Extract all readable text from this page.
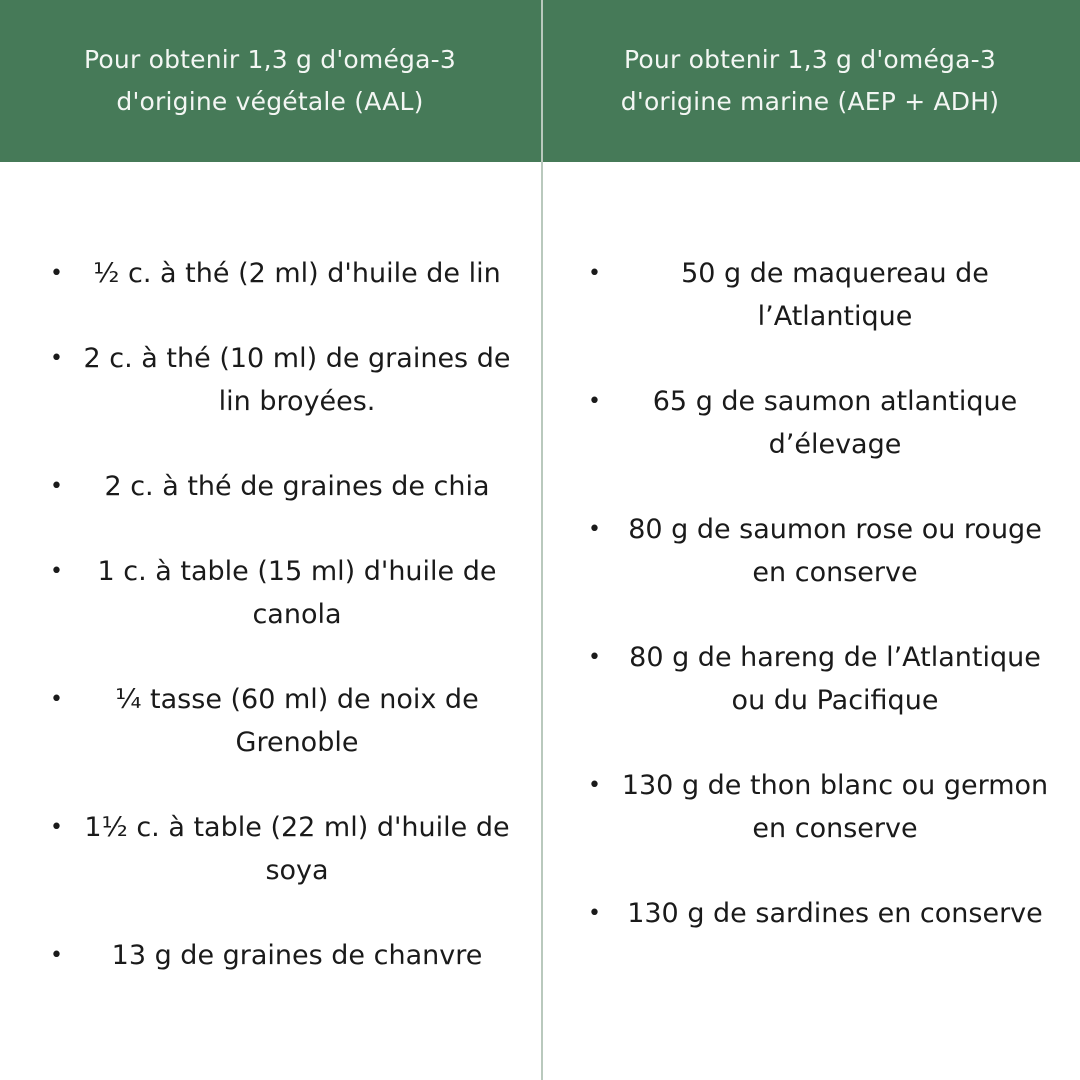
Pour obtenir 1,3 g d'oméga-3
d'origine végétale (AAL)
Pour obtenir 1,3 g d'oméga-3
d'origine marine (AEP + ADH)
•	½ c. à thé (2 ml) d'huile de lin
• 2 c. à thé (10 ml) de graines de lin broyées.
•	2 c. à thé de graines de chia
•	1 c. à table (15 ml) d'huile de canola
•	¼ tasse (60 ml) de noix de Grenoble
• 1½ c. à table (22 ml) d'huile de soya
•	13 g de graines de chanvre
•	50 g de maquereau de l’Atlantique
•	65 g de saumon atlantique d’élevage
•	80 g de saumon rose ou rouge en conserve
•	80 g de hareng de l’Atlantique ou du Pacifique
• 130 g de thon blanc ou germon en conserve
• 130 g de sardines en conserve
